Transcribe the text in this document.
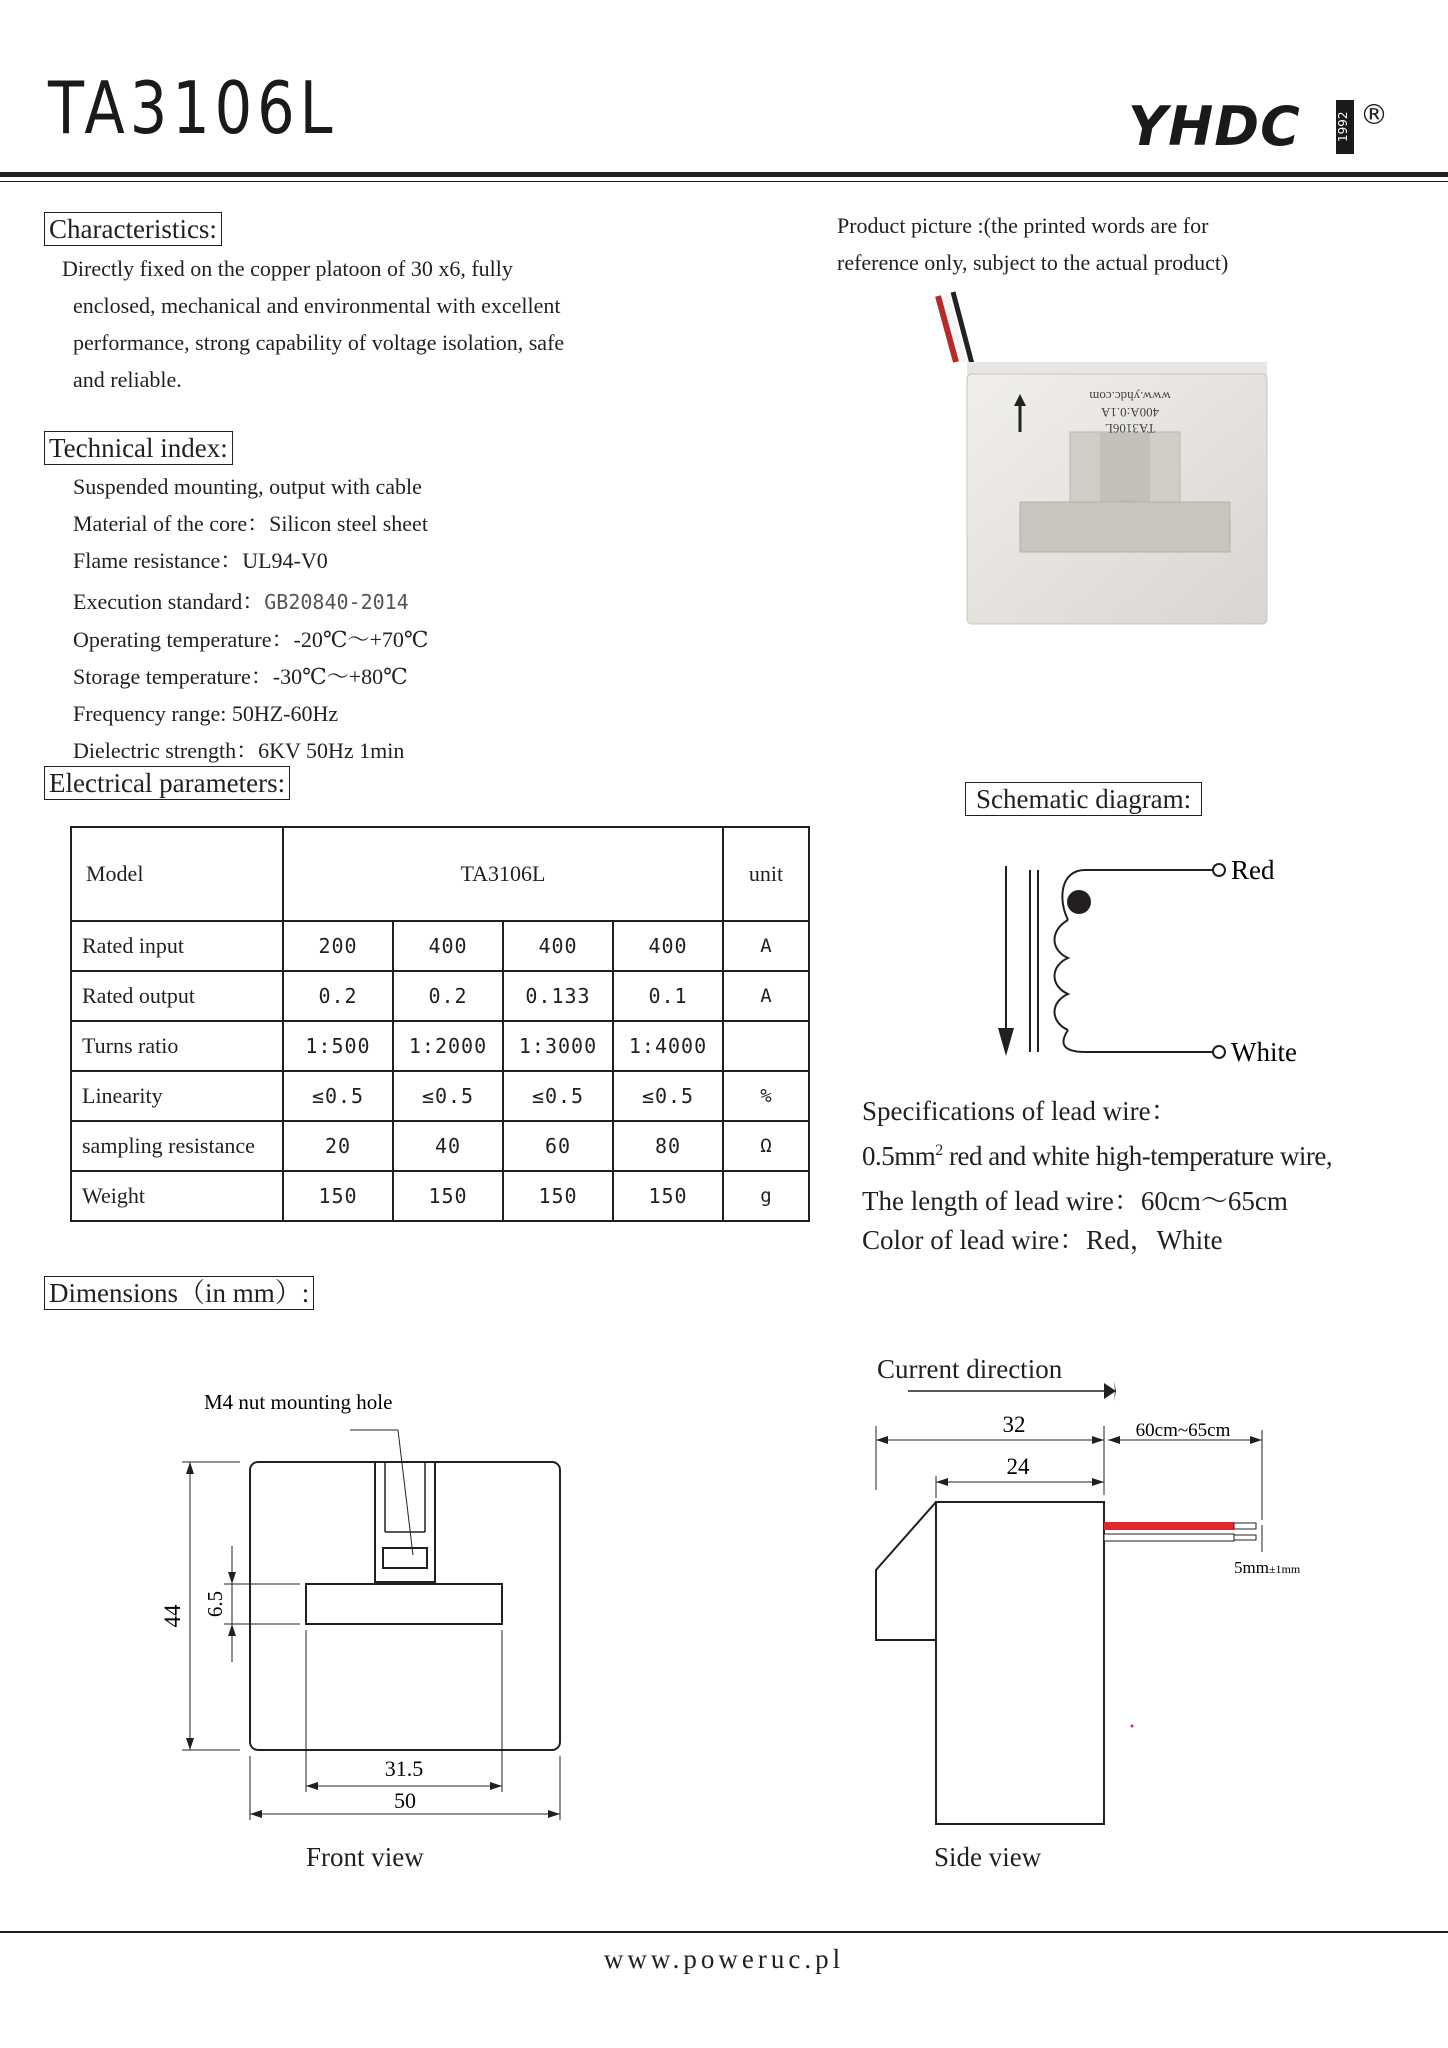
TA3106L	YHDC	1992 ®
Characteristics:
Directly fixed on the copper platoon of 30 x6, fully
enclosed, mechanical and environmental with excellent
performance, strong capability of voltage isolation, safe
and reliable.
Product picture :(the printed words are for
reference only, subject to the actual product)
www.yhdc.com
400A:0.1A
TA3106L
Technical index:
Suspended mounting, output with cable
Material of the core：Silicon steel sheet
Flame resistance：UL94-V0
Execution standard：GB20840-2014
Operating temperature：-20℃～+70℃
Storage temperature：-30℃～+80℃
Frequency range: 50HZ-60Hz
Dielectric strength：6KV 50Hz 1min
Electrical parameters:
Model	TA3106L				unit
Rated input	200	400	400	400	A
Rated output	0.2	0.2	0.133	0.1	A
Turns ratio	1:500	1:2000	1:3000	1:4000	
Linearity	≤0.5	≤0.5	≤0.5	≤0.5	%
sampling resistance	20	40	60	80	Ω
Weight	150	150	150	150	g
Schematic diagram:
Red
White
Specifications of lead wire：
$0.5mm^2$ red and white high-temperature wire,
The length of lead wire：60cm～65cm
Color of lead wire：Red，White
Dimensions（in mm）:
M4 nut mounting hole
44 6.5
31.5
50
Front view
Current direction
32
24
60cm~65cm
5mm±1mm
Side view
www.poweruc.pl
